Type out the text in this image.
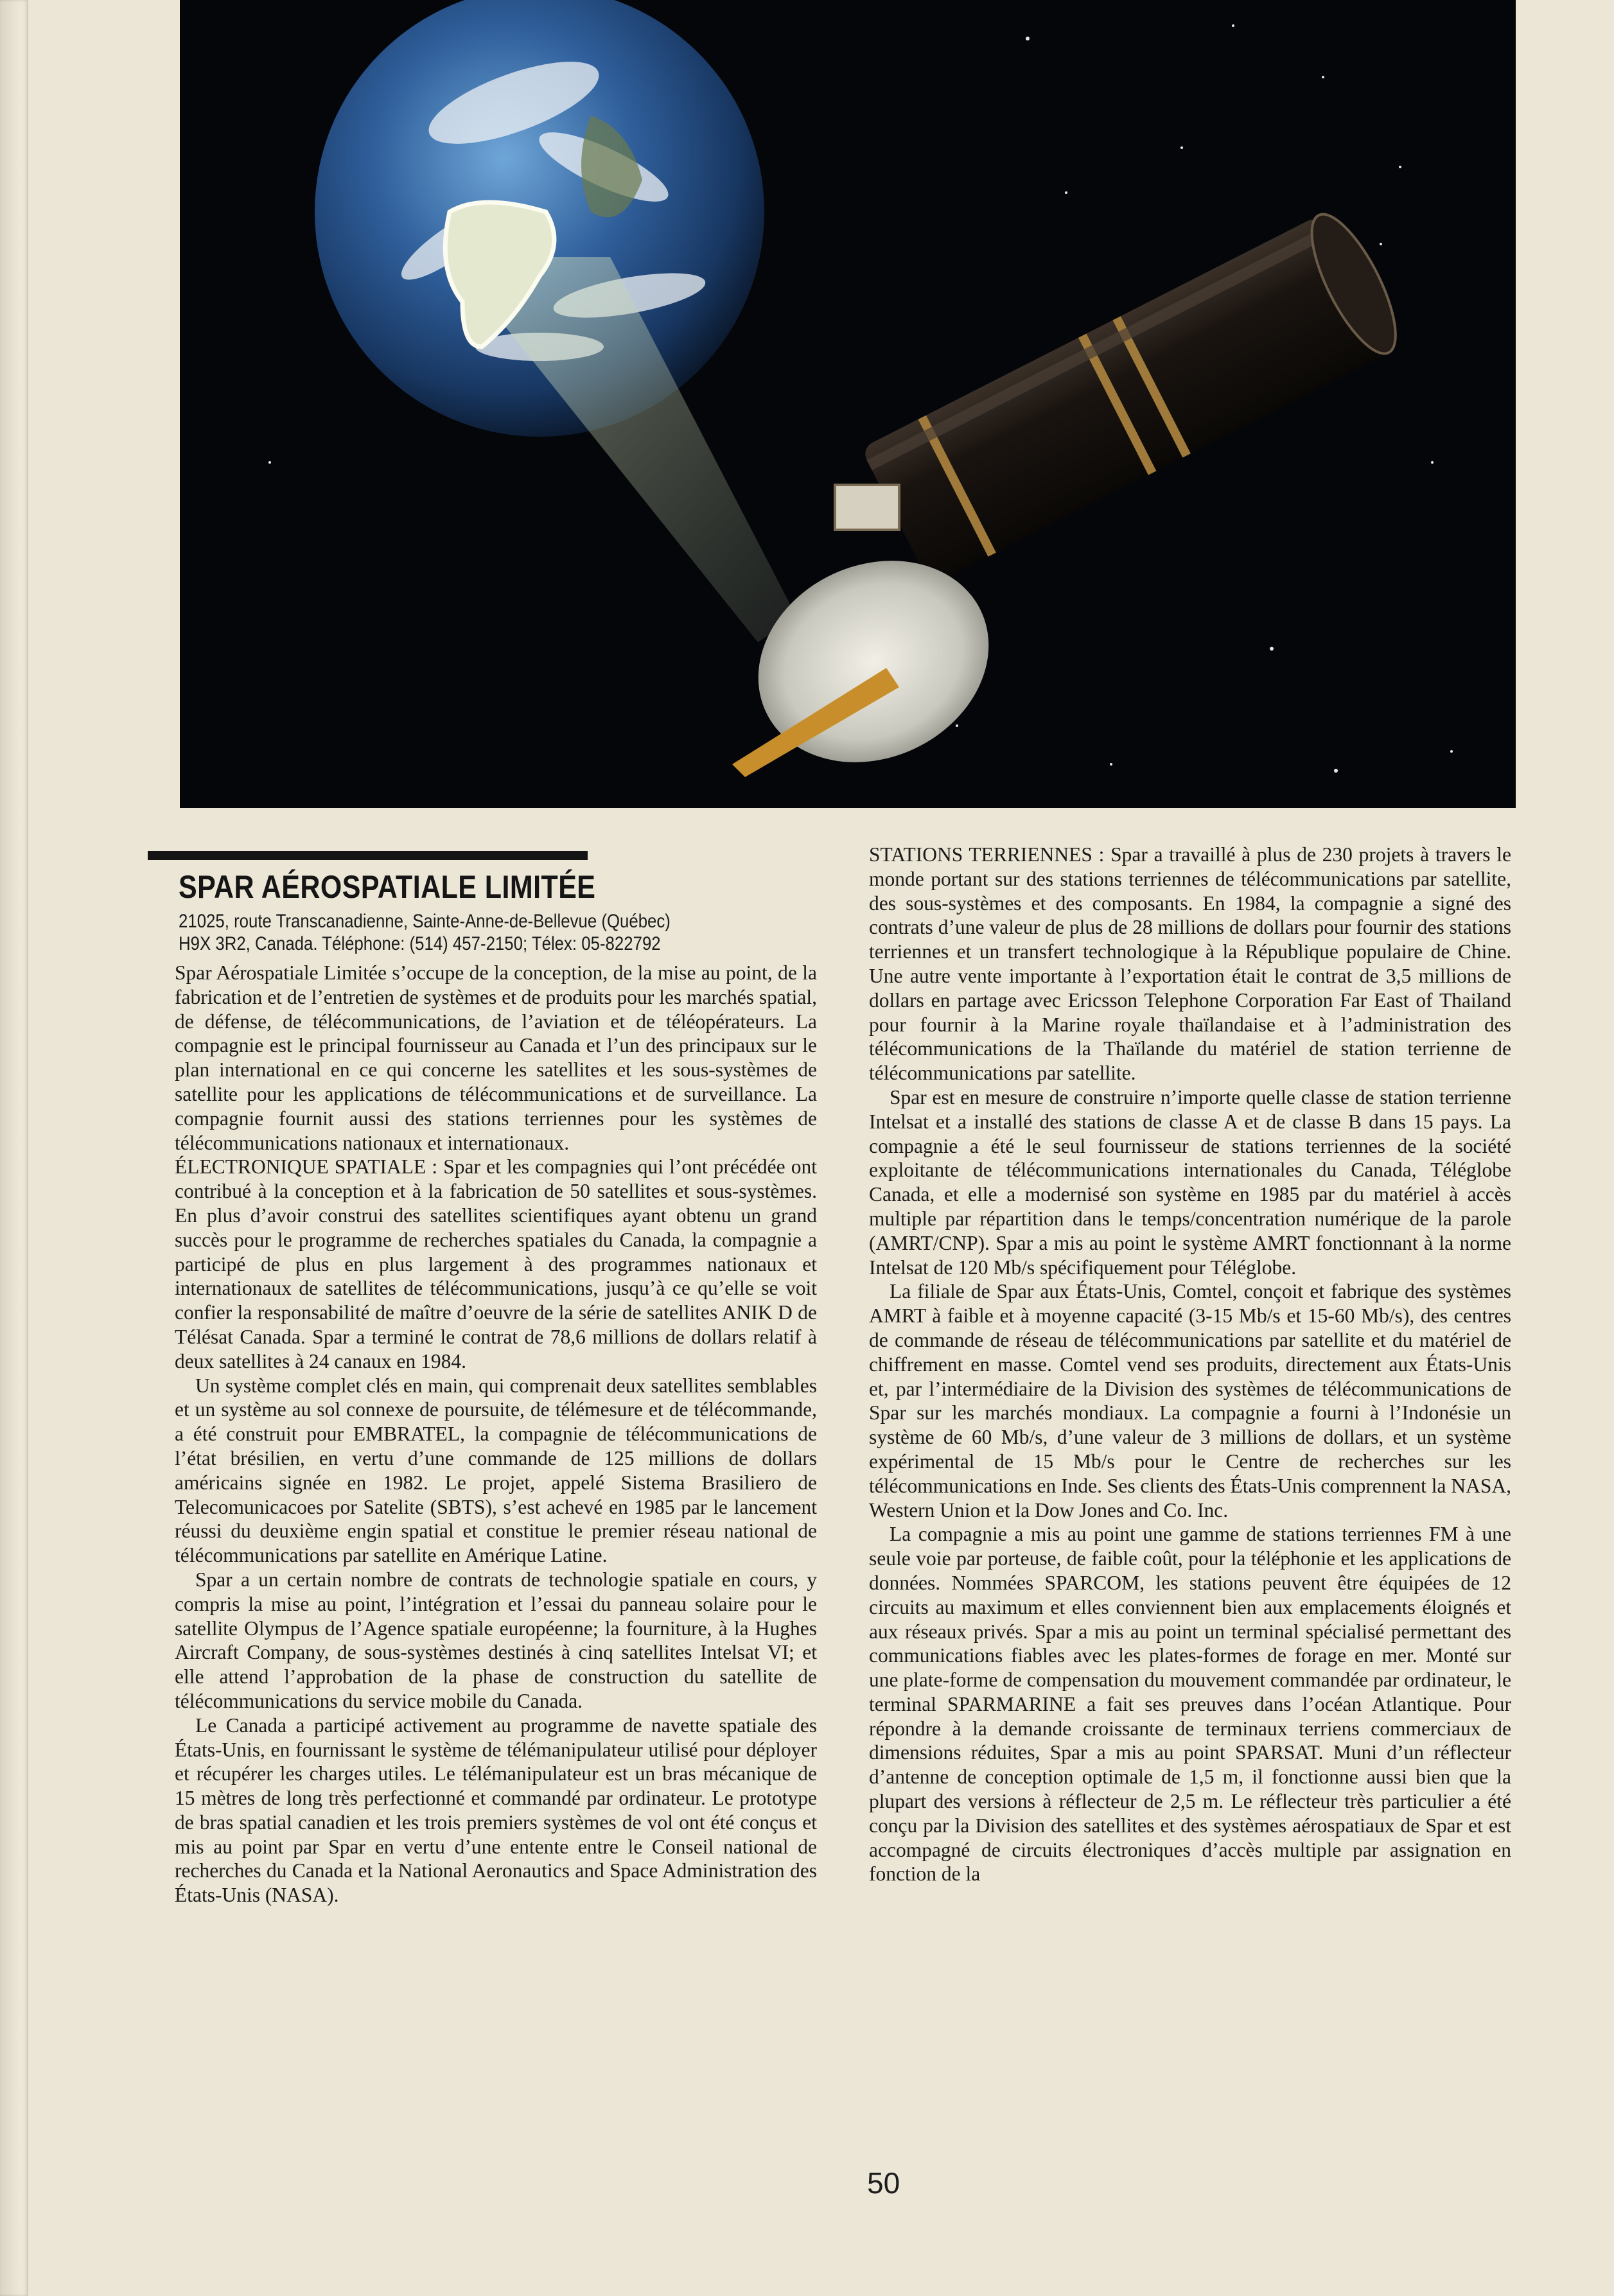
SPAR AÉROSPATIALE LIMITÉE
21025, route Transcanadienne, Sainte-Anne-de-Bellevue (Québec)
H9X 3R2, Canada. Téléphone: (514) 457-2150; Télex: 05-822792

Spar Aérospatiale Limitée s’occupe de la conception, de la mise au point, de la fabrication et de l’entretien de systèmes et de produits pour les marchés spatial, de défense, de télécommunications, de l’aviation et de téléopérateurs. La compagnie est le principal fournisseur au Canada et l’un des principaux sur le plan international en ce qui concerne les satellites et les sous-systèmes de satellite pour les applications de télécommunications et de surveillance. La compagnie fournit aussi des stations terriennes pour les systèmes de télécommunications nationaux et internationaux.

ÉLECTRONIQUE SPATIALE : Spar et les compagnies qui l’ont précédée ont contribué à la conception et à la fabrication de 50 satellites et sous-systèmes. En plus d’avoir construi des satellites scientifiques ayant obtenu un grand succès pour le programme de recherches spatiales du Canada, la compagnie a participé de plus en plus largement à des programmes nationaux et internationaux de satellites de télécommunications, jusqu’à ce qu’elle se voit confier la responsabilité de maître d’oeuvre de la série de satellites ANIK D de Télésat Canada. Spar a terminé le contrat de 78,6 millions de dollars relatif à deux satellites à 24 canaux en 1984.

Un système complet clés en main, qui comprenait deux satellites semblables et un système au sol connexe de poursuite, de télémesure et de télécommande, a été construit pour EMBRATEL, la compagnie de télécommunications de l’état brésilien, en vertu d’une commande de 125 millions de dollars américains signée en 1982. Le projet, appelé Sistema Brasiliero de Telecomunicacoes por Satelite (SBTS), s’est achevé en 1985 par le lancement réussi du deuxième engin spatial et constitue le premier réseau national de télécommunications par satellite en Amérique Latine.

Spar a un certain nombre de contrats de technologie spatiale en cours, y compris la mise au point, l’intégration et l’essai du panneau solaire pour le satellite Olympus de l’Agence spatiale européenne; la fourniture, à la Hughes Aircraft Company, de sous-systèmes destinés à cinq satellites Intelsat VI; et elle attend l’approbation de la phase de construction du satellite de télécommunications du service mobile du Canada.

Le Canada a participé activement au programme de navette spatiale des États-Unis, en fournissant le système de télémanipulateur utilisé pour déployer et récupérer les charges utiles. Le télémanipulateur est un bras mécanique de 15 mètres de long très perfectionné et commandé par ordinateur. Le prototype de bras spatial canadien et les trois premiers systèmes de vol ont été conçus et mis au point par Spar en vertu d’une entente entre le Conseil national de recherches du Canada et la National Aeronautics and Space Administration des États-Unis (NASA).

STATIONS TERRIENNES : Spar a travaillé à plus de 230 projets à travers le monde portant sur des stations terriennes de télécommunications par satellite, des sous-systèmes et des composants. En 1984, la compagnie a signé des contrats d’une valeur de plus de 28 millions de dollars pour fournir des stations terriennes et un transfert technologique à la République populaire de Chine. Une autre vente importante à l’exportation était le contrat de 3,5 millions de dollars en partage avec Ericsson Telephone Corporation Far East of Thailand pour fournir à la Marine royale thaïlandaise et à l’administration des télécommunications de la Thaïlande du matériel de station terrienne de télécommunications par satellite.

Spar est en mesure de construire n’importe quelle classe de station terrienne Intelsat et a installé des stations de classe A et de classe B dans 15 pays. La compagnie a été le seul fournisseur de stations terriennes de la société exploitante de télécommunications internationales du Canada, Téléglobe Canada, et elle a modernisé son système en 1985 par du matériel à accès multiple par répartition dans le temps/concentration numérique de la parole (AMRT/CNP). Spar a mis au point le système AMRT fonctionnant à la norme Intelsat de 120 Mb/s spécifiquement pour Téléglobe.

La filiale de Spar aux États-Unis, Comtel, conçoit et fabrique des systèmes AMRT à faible et à moyenne capacité (3-15 Mb/s et 15-60 Mb/s), des centres de commande de réseau de télécommunications par satellite et du matériel de chiffrement en masse. Comtel vend ses produits, directement aux États-Unis et, par l’intermédiaire de la Division des systèmes de télécommunications de Spar sur les marchés mondiaux. La compagnie a fourni à l’Indonésie un système de 60 Mb/s, d’une valeur de 3 millions de dollars, et un système expérimental de 15 Mb/s pour le Centre de recherches sur les télécommunications en Inde. Ses clients des États-Unis comprennent la NASA, Western Union et la Dow Jones and Co. Inc.

La compagnie a mis au point une gamme de stations terriennes FM à une seule voie par porteuse, de faible coût, pour la téléphonie et les applications de données. Nommées SPARCOM, les stations peuvent être équipées de 12 circuits au maximum et elles conviennent bien aux emplacements éloignés et aux réseaux privés. Spar a mis au point un terminal spécialisé permettant des communications fiables avec les plates-formes de forage en mer. Monté sur une plate-forme de compensation du mouvement commandée par ordinateur, le terminal SPARMARINE a fait ses preuves dans l’océan Atlantique. Pour répondre à la demande croissante de terminaux terriens commerciaux de dimensions réduites, Spar a mis au point SPARSAT. Muni d’un réflecteur d’antenne de conception optimale de 1,5 m, il fonctionne aussi bien que la plupart des versions à réflecteur de 2,5 m. Le réflecteur très particulier a été conçu par la Division des satellites et des systèmes aérospatiaux de Spar et est accompagné de circuits électroniques d’accès multiple par assignation en fonction de la

50
